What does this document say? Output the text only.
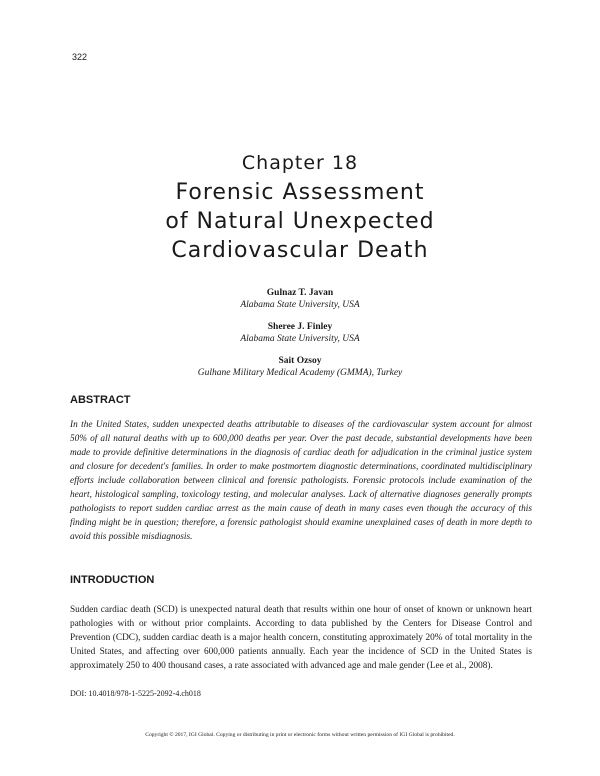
322
Chapter 18
Forensic Assessment
of Natural Unexpected
Cardiovascular Death
Gulnaz T. Javan
Alabama State University, USA
Sheree J. Finley
Alabama State University, USA
Sait Ozsoy
Gulhane Military Medical Academy (GMMA), Turkey
ABSTRACT

In the United States, sudden unexpected deaths attributable to diseases of the cardiovascular system account for almost 50% of all natural deaths with up to 600,000 deaths per year. Over the past decade, substantial developments have been made to provide definitive determinations in the diagnosis of cardiac death for adjudication in the criminal justice system and closure for decedent's families. In order to make postmortem diagnostic determinations, coordinated multidisciplinary efforts include collaboration between clinical and forensic pathologists. Forensic protocols include examination of the heart, histological sampling, toxicology testing, and molecular analyses. Lack of alternative diagnoses generally prompts pathologists to report sudden cardiac arrest as the main cause of death in many cases even though the accuracy of this finding might be in question; therefore, a forensic pathologist should examine unexplained cases of death in more depth to avoid this possible misdiagnosis.

INTRODUCTION

Sudden cardiac death (SCD) is unexpected natural death that results within one hour of onset of known or unknown heart pathologies with or without prior complaints. According to data published by the Centers for Disease Control and Prevention (CDC), sudden cardiac death is a major health concern, constituting approximately 20% of total mortality in the United States, and affecting over 600,000 patients annually. Each year the incidence of SCD in the United States is approximately 250 to 400 thousand cases, a rate associated with advanced age and male gender (Lee et al., 2008).

DOI: 10.4018/978-1-5225-2092-4.ch018
Copyright © 2017, IGI Global. Copying or distributing in print or electronic forms without written permission of IGI Global is prohibited.
